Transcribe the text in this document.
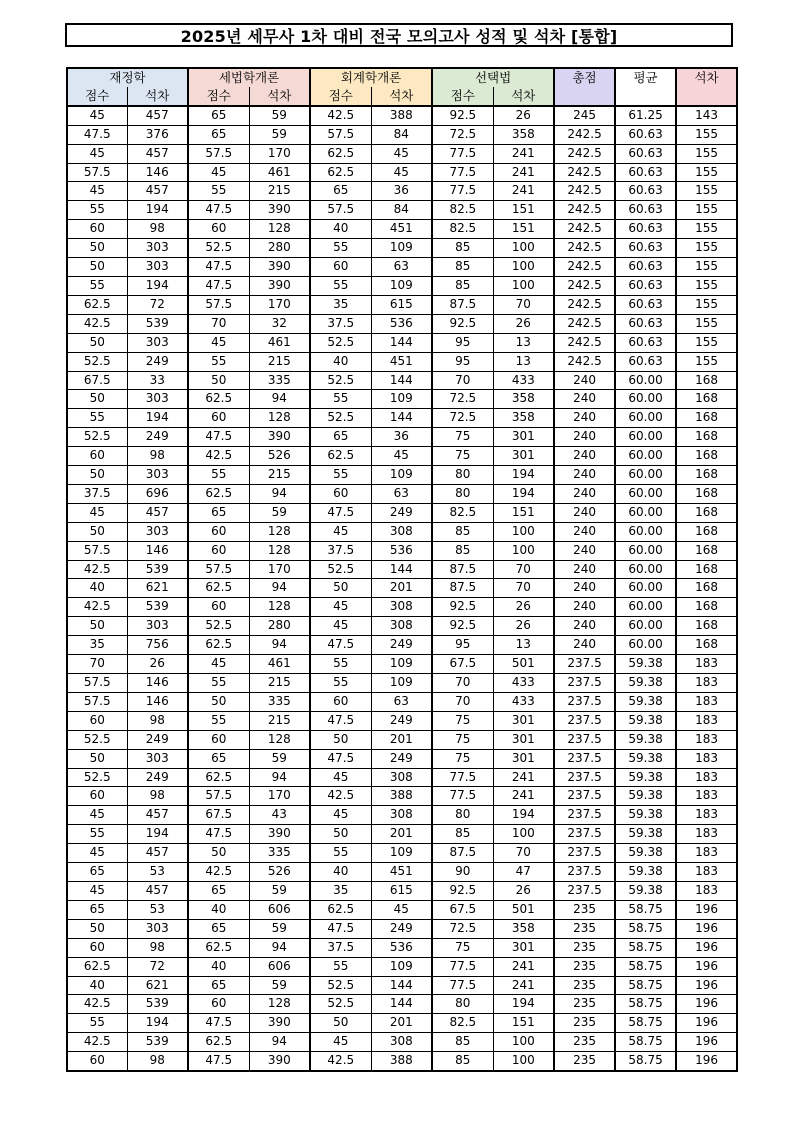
2025년 세무사 1차 대비 전국 모의고사 성적 및 석차 [통합]
재정학		세법학개론		회계학개론		선택법		총점	평균	석차
점수	석차	점수	석차	점수	석차	점수	석차			
45	457	65	59	42.5	388	92.5	26	245	61.25	143
47.5	376	65	59	57.5	84	72.5	358	242.5	60.63	155
45	457	57.5	170	62.5	45	77.5	241	242.5	60.63	155
57.5	146	45	461	62.5	45	77.5	241	242.5	60.63	155
45	457	55	215	65	36	77.5	241	242.5	60.63	155
55	194	47.5	390	57.5	84	82.5	151	242.5	60.63	155
60	98	60	128	40	451	82.5	151	242.5	60.63	155
50	303	52.5	280	55	109	85	100	242.5	60.63	155
50	303	47.5	390	60	63	85	100	242.5	60.63	155
55	194	47.5	390	55	109	85	100	242.5	60.63	155
62.5	72	57.5	170	35	615	87.5	70	242.5	60.63	155
42.5	539	70	32	37.5	536	92.5	26	242.5	60.63	155
50	303	45	461	52.5	144	95	13	242.5	60.63	155
52.5	249	55	215	40	451	95	13	242.5	60.63	155
67.5	33	50	335	52.5	144	70	433	240	60.00	168
50	303	62.5	94	55	109	72.5	358	240	60.00	168
55	194	60	128	52.5	144	72.5	358	240	60.00	168
52.5	249	47.5	390	65	36	75	301	240	60.00	168
60	98	42.5	526	62.5	45	75	301	240	60.00	168
50	303	55	215	55	109	80	194	240	60.00	168
37.5	696	62.5	94	60	63	80	194	240	60.00	168
45	457	65	59	47.5	249	82.5	151	240	60.00	168
50	303	60	128	45	308	85	100	240	60.00	168
57.5	146	60	128	37.5	536	85	100	240	60.00	168
42.5	539	57.5	170	52.5	144	87.5	70	240	60.00	168
40	621	62.5	94	50	201	87.5	70	240	60.00	168
42.5	539	60	128	45	308	92.5	26	240	60.00	168
50	303	52.5	280	45	308	92.5	26	240	60.00	168
35	756	62.5	94	47.5	249	95	13	240	60.00	168
70	26	45	461	55	109	67.5	501	237.5	59.38	183
57.5	146	55	215	55	109	70	433	237.5	59.38	183
57.5	146	50	335	60	63	70	433	237.5	59.38	183
60	98	55	215	47.5	249	75	301	237.5	59.38	183
52.5	249	60	128	50	201	75	301	237.5	59.38	183
50	303	65	59	47.5	249	75	301	237.5	59.38	183
52.5	249	62.5	94	45	308	77.5	241	237.5	59.38	183
60	98	57.5	170	42.5	388	77.5	241	237.5	59.38	183
45	457	67.5	43	45	308	80	194	237.5	59.38	183
55	194	47.5	390	50	201	85	100	237.5	59.38	183
45	457	50	335	55	109	87.5	70	237.5	59.38	183
65	53	42.5	526	40	451	90	47	237.5	59.38	183
45	457	65	59	35	615	92.5	26	237.5	59.38	183
65	53	40	606	62.5	45	67.5	501	235	58.75	196
50	303	65	59	47.5	249	72.5	358	235	58.75	196
60	98	62.5	94	37.5	536	75	301	235	58.75	196
62.5	72	40	606	55	109	77.5	241	235	58.75	196
40	621	65	59	52.5	144	77.5	241	235	58.75	196
42.5	539	60	128	52.5	144	80	194	235	58.75	196
55	194	47.5	390	50	201	82.5	151	235	58.75	196
42.5	539	62.5	94	45	308	85	100	235	58.75	196
60	98	47.5	390	42.5	388	85	100	235	58.75	196
